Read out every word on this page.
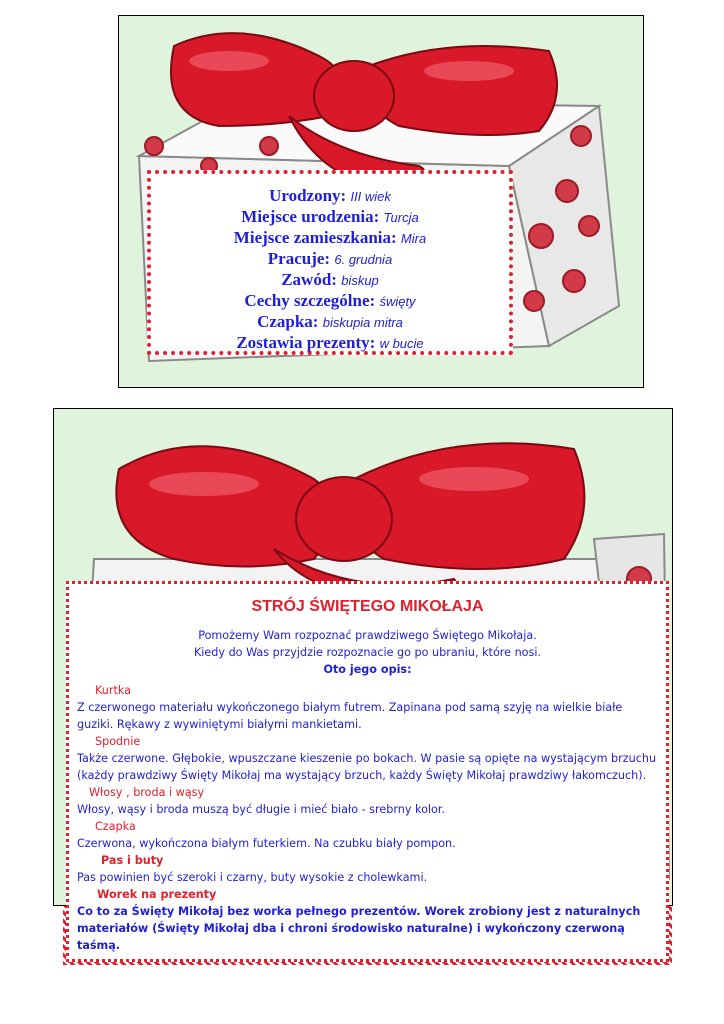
Urodzony: III wiek
Miejsce urodzenia: Turcja
Miejsce zamieszkania: Mira
Pracuje: 6. grudnia
Zawód: biskup
Cechy szczególne: święty
Czapka: biskupia mitra
Zostawia prezenty: w bucie
STRÓJ ŚWIĘTEGO MIKOŁAJA
Pomożemy Wam rozpoznać prawdziwego Świętego Mikołaja.
Kiedy do Was przyjdzie rozpoznacie go po ubraniu, które nosi.
Oto jego opis:
Kurtka
Z czerwonego materiału wykończonego białym futrem. Zapinana pod samą szyję na wielkie białe guziki. Rękawy z wywiniętymi białymi mankietami.
Spodnie
Także czerwone. Głębokie, wpuszczane kieszenie po bokach. W pasie są opięte na wystającym brzuchu (każdy prawdziwy Święty Mikołaj ma wystający brzuch, każdy Święty Mikołaj prawdziwy łakomczuch).
Włosy , broda i wąsy
Włosy, wąsy i broda muszą być długie i mieć biało - srebrny kolor.
Czapka
Czerwona, wykończona białym futerkiem. Na czubku biały pompon.
Pas i buty
Pas powinien być szeroki i czarny, buty wysokie z cholewkami.
Worek na prezenty
Co to za Święty Mikołaj bez worka pełnego prezentów. Worek zrobiony jest z naturalnych materiałów (Święty Mikołaj dba i chroni środowisko naturalne) i wykończony czerwoną taśmą.
